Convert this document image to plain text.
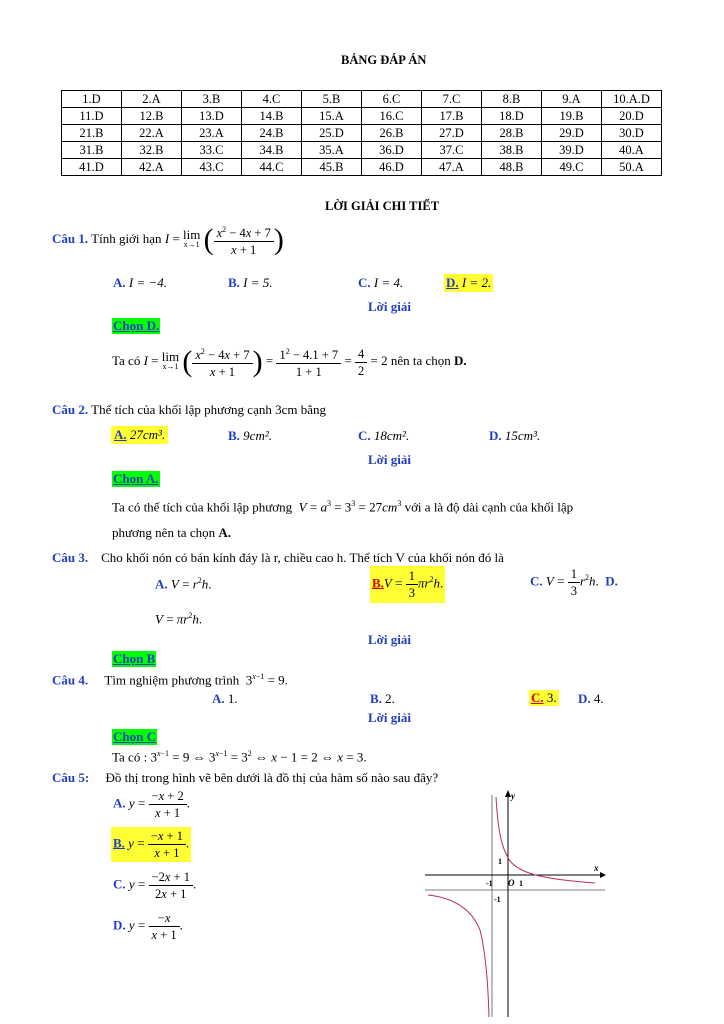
BẢNG ĐÁP ÁN
1.D	2.A	3.B	4.C	5.B	6.C	7.C	8.B	9.A	10.A.D
11.D	12.B	13.D	14.B	15.A	16.C	17.B	18.D	19.B	20.D
21.B	22.A	23.A	24.B	25.D	26.B	27.D	28.B	29.D	30.D
31.B	32.B	33.C	34.B	35.A	36.D	37.C	38.B	39.D	40.A
41.D	42.A	43.C	44.C	45.B	46.D	47.A	48.B	49.C	50.A
LỜI GIẢI CHI TIẾT
Câu 1. Tính giới hạn I = lim
x→1 ( $\frac{x^2 - 4x + 7}{x + 1}$ )
A. I = −4.	B. I = 5.	C. I = 4.	D. I = 2.
Lời giải
Chọn D.
Ta có I = lim
x→1 ( $\frac{x^2 - 4x + 7}{x + 1}$ ) = $\frac{1^2 - 4.1 + 7}{1 + 1} = \frac{4}{2} = 2$ nên ta chọn D.
Câu 2. Thể tích của khối lập phương cạnh 3cm bằng
A. 27cm³.	B. 9cm².	C. 18cm².	D. 15cm³.
Lời giải
Chọn A.
Ta có thể tích của khối lập phương $V = a^3 = 3^3 = 27cm^3$ với a là độ dài cạnh của khối lập
phương nên ta chọn A.
Câu 3. Cho khối nón có bán kính đáy là r, chiều cao h. Thể tích V của khối nón đó là
A. $V = r^2h$.	$B.V = \frac{1}{3} \pi r^2h$.	C. $V = \frac{1}{3} r^2h$.  D.
$V = \pi r^2h$.
Lời giải
Chọn B
Câu 4. Tìm nghiệm phương trình  $3^{x-1} = 9$.
A. 1.	B. 2.	C. 3. D. 4.
Lời giải
Chọn C
Ta có : $3^{x-1} = 9$ ⇔ $3^{x-1} = 3^2$ ⇔ x − 1 = 2 ⇔ x = 3.
Câu 5: Đồ thị trong hình vẽ bên dưới là đồ thị của hàm số nào sau đây?
A. $y = \frac{-x + 2}{x + 1}$ .
B. $y = \frac{-x + 1}{x + 1}$ .
C. $y = \frac{-2x + 1}{2x + 1}$ .
D. $y = \frac{-x}{x + 1}$ .
y
x
O 1
-1
1
-1
